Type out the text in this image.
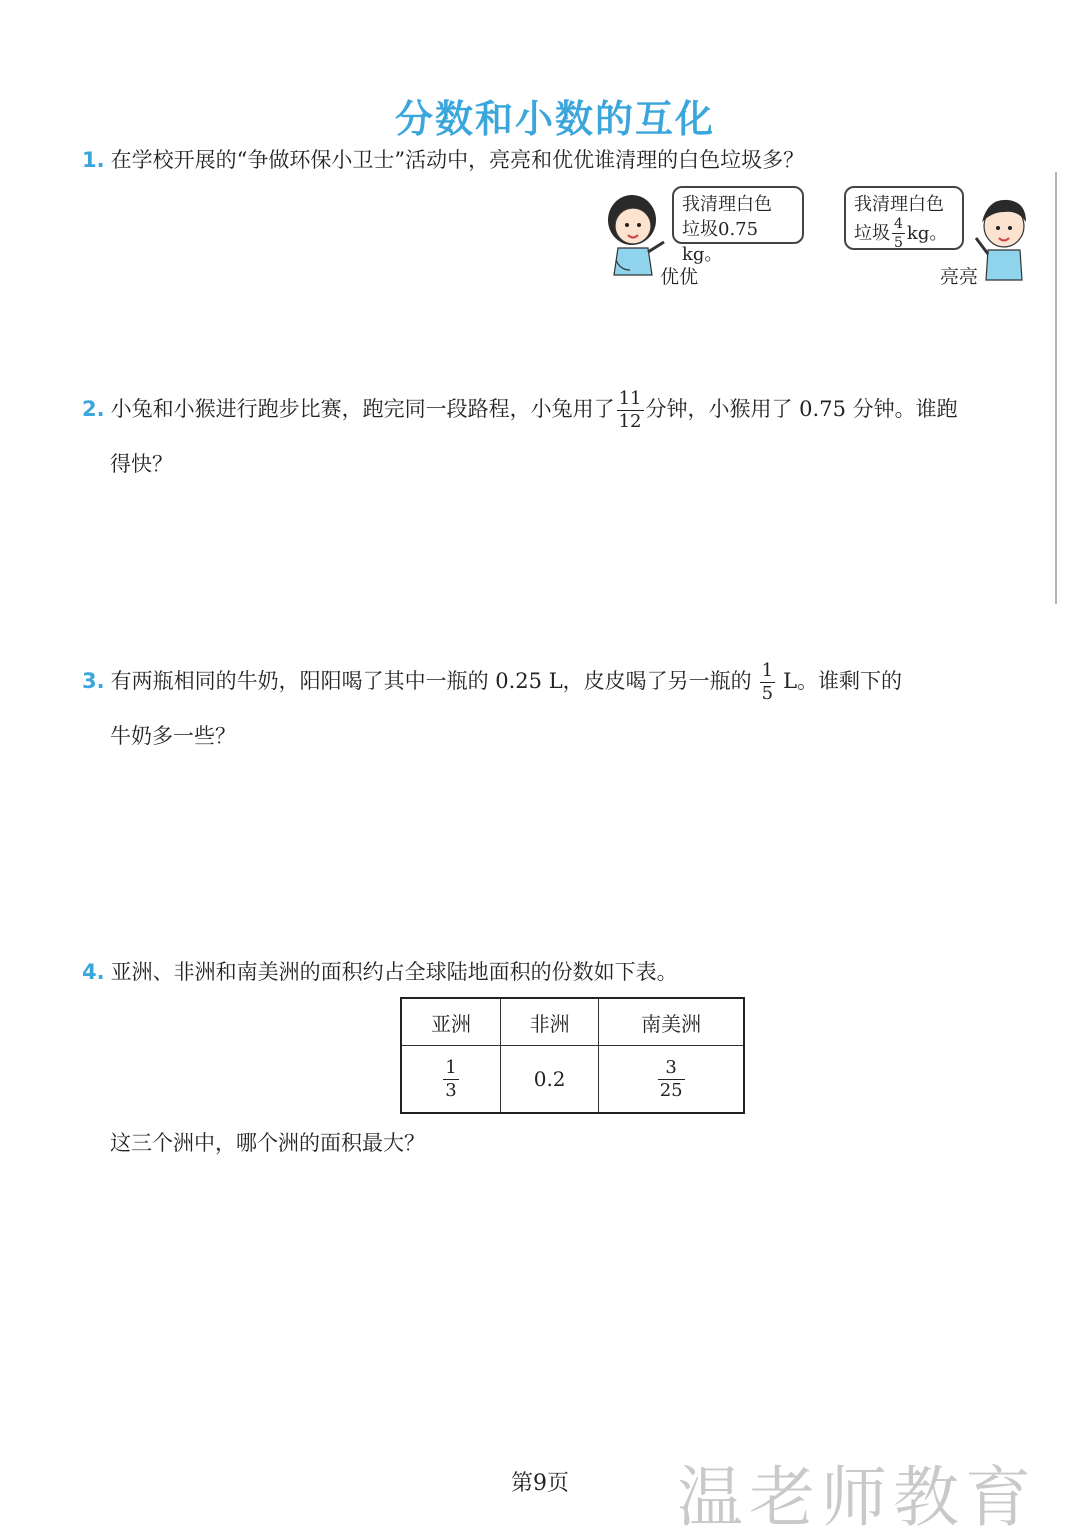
分数和小数的互化
1. 在学校开展的“争做环保小卫士”活动中，亮亮和优优谁清理的白色垃圾多？
我清理白色
垃圾0.75 kg。
优优
我清理白色
垃圾 $\frac{4}{5}$ kg。
亮亮
2. 小兔和小猴进行跑步比赛，跑完同一段路程，小兔用了 $\frac{11}{12}$ 分钟，小猴用了 0.75 分钟。谁跑
得快？
3. 有两瓶相同的牛奶，阳阳喝了其中一瓶的 0.25 L，皮皮喝了另一瓶的 $\frac{1}{5}$ L。谁剩下的
牛奶多一些？
4. 亚洲、非洲和南美洲的面积约占全球陆地面积的份数如下表。
亚洲	非洲	南美洲

$\frac{1}{3}$	0.2	$\frac{3}{25}$
这三个洲中，哪个洲的面积最大？
第9页	温老师教育
